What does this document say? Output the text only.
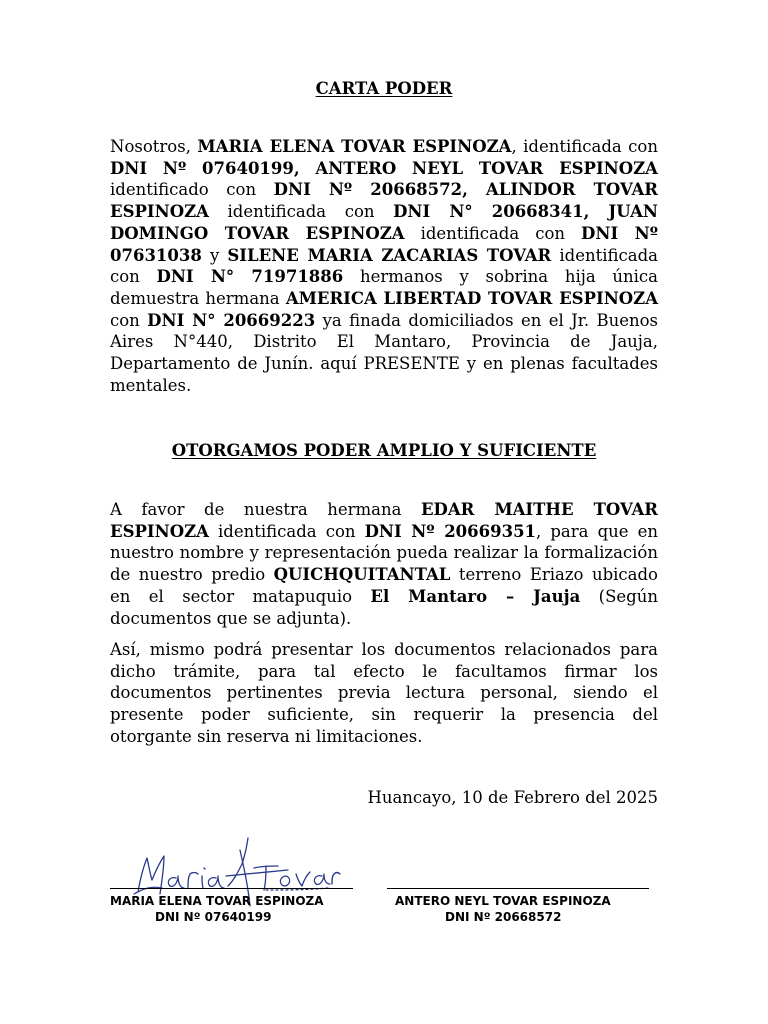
CARTA PODER

Nosotros, MARIA ELENA TOVAR ESPINOZA, identificada con DNI Nº 07640199, ANTERO NEYL TOVAR ESPINOZA identificado con DNI Nº 20668572, ALINDOR TOVAR ESPINOZA identificada con DNI N° 20668341, JUAN DOMINGO TOVAR ESPINOZA identificada con DNI Nº 07631038 y SILENE MARIA ZACARIAS TOVAR identificada con DNI N° 71971886 hermanos y sobrina hija única demuestra hermana AMERICA LIBERTAD TOVAR ESPINOZA con DNI N° 20669223 ya finada domiciliados en el Jr. Buenos Aires N°440, Distrito El Mantaro, Provincia de Jauja, Departamento de Junín. aquí PRESENTE y en plenas facultades mentales.

OTORGAMOS PODER AMPLIO Y SUFICIENTE

A favor de nuestra hermana EDAR MAITHE TOVAR ESPINOZA identificada con DNI Nº 20669351, para que en nuestro nombre y representación pueda realizar la formalización de nuestro predio QUICHQUITANTAL terreno Eriazo ubicado en el sector matapuquio El Mantaro – Jauja (Según documentos que se adjunta).

Así, mismo podrá presentar los documentos relacionados para dicho trámite, para tal efecto le facultamos firmar los documentos pertinentes previa lectura personal, siendo el presente poder suficiente, sin requerir la presencia del otorgante sin reserva ni limitaciones.

Huancayo, 10 de Febrero del 2025
MARIA ELENA TOVAR ESPINOZA
DNI Nº 07640199
ANTERO NEYL TOVAR ESPINOZA
DNI Nº 20668572
